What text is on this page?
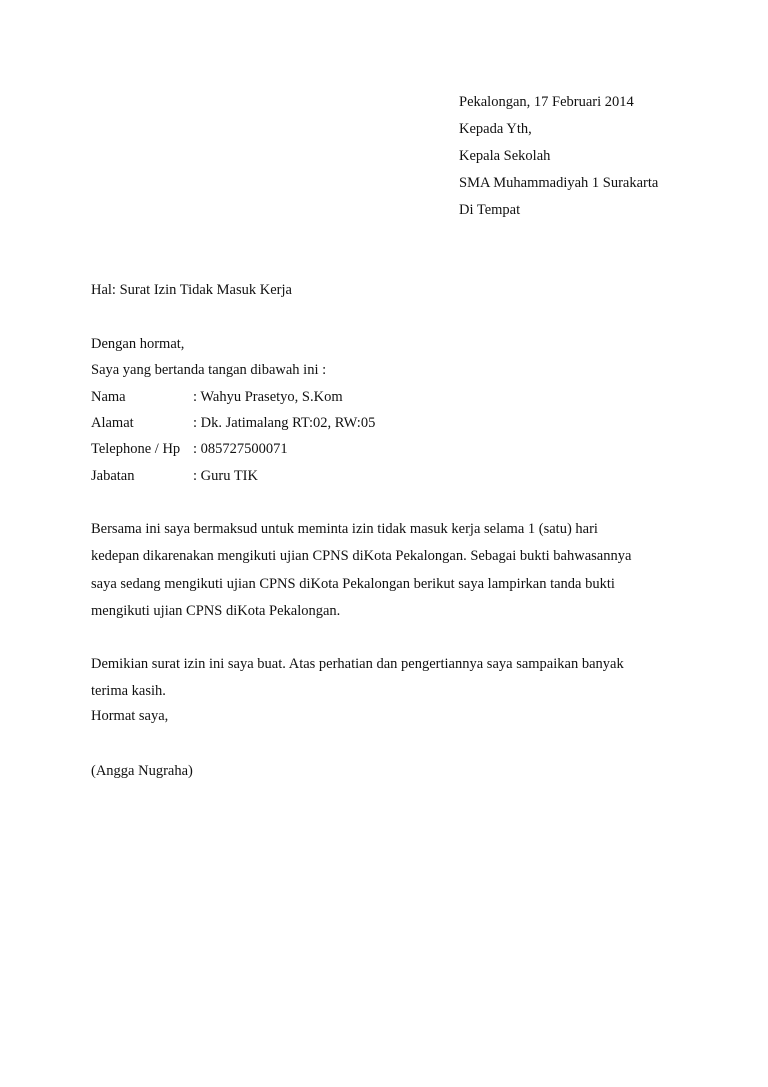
Pekalongan, 17 Februari 2014
Kepada Yth,
Kepala Sekolah
SMA Muhammadiyah 1 Surakarta
Di Tempat
Hal: Surat Izin Tidak Masuk Kerja
Dengan hormat,
Saya yang bertanda tangan dibawah ini :
Nama	: Wahyu Prasetyo, S.Kom
Alamat	: Dk. Jatimalang RT:02, RW:05
Telephone / Hp : 085727500071
Jabatan	: Guru TIK
Bersama ini saya bermaksud untuk meminta izin tidak masuk kerja selama 1 (satu) hari
kedepan dikarenakan mengikuti ujian CPNS diKota Pekalongan. Sebagai bukti bahwasannya
saya sedang mengikuti ujian CPNS diKota Pekalongan berikut saya lampirkan tanda bukti
mengikuti ujian CPNS diKota Pekalongan.
Demikian surat izin ini saya buat. Atas perhatian dan pengertiannya saya sampaikan banyak
terima kasih.
Hormat saya,
(Angga Nugraha)
